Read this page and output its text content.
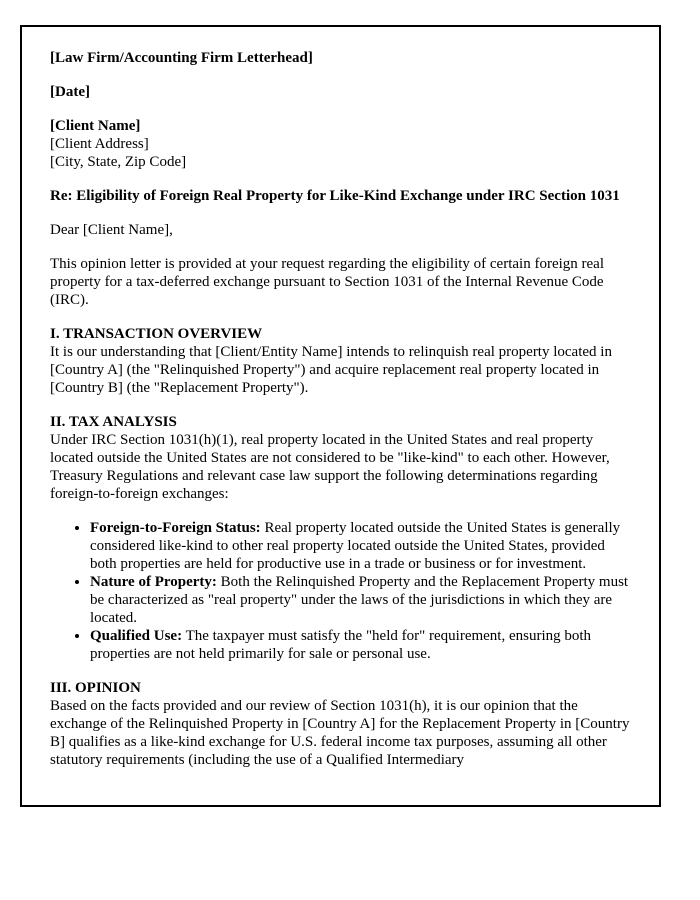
[Law Firm/Accounting Firm Letterhead]

[Date]

[Client Name]

[Client Address]

[City, State, Zip Code]

Re: Eligibility of Foreign Real Property for Like-Kind Exchange under IRC Section 1031

Dear [Client Name],

This opinion letter is provided at your request regarding the eligibility of certain foreign real property for a tax-deferred exchange pursuant to Section 1031 of the Internal Revenue Code (IRC).

I. TRANSACTION OVERVIEW

It is our understanding that [Client/Entity Name] intends to relinquish real property located in [Country A] (the "Relinquished Property") and acquire replacement real property located in [Country B] (the "Replacement Property").

II. TAX ANALYSIS

Under IRC Section 1031(h)(1), real property located in the United States and real property located outside the United States are not considered to be "like-kind" to each other. However, Treasury Regulations and relevant case law support the following determinations regarding foreign-to-foreign exchanges:

• Foreign-to-Foreign Status: Real property located outside the United States is generally considered like-kind to other real property located outside the United States, provided both properties are held for productive use in a trade or business or for investment.
• Nature of Property: Both the Relinquished Property and the Replacement Property must be characterized as "real property" under the laws of the jurisdictions in which they are located.
• Qualified Use: The taxpayer must satisfy the "held for" requirement, ensuring both properties are not held primarily for sale or personal use.

III. OPINION

Based on the facts provided and our review of Section 1031(h), it is our opinion that the exchange of the Relinquished Property in [Country A] for the Replacement Property in [Country B] qualifies as a like-kind exchange for U.S. federal income tax purposes, assuming all other statutory requirements (including the use of a Qualified Intermediary
